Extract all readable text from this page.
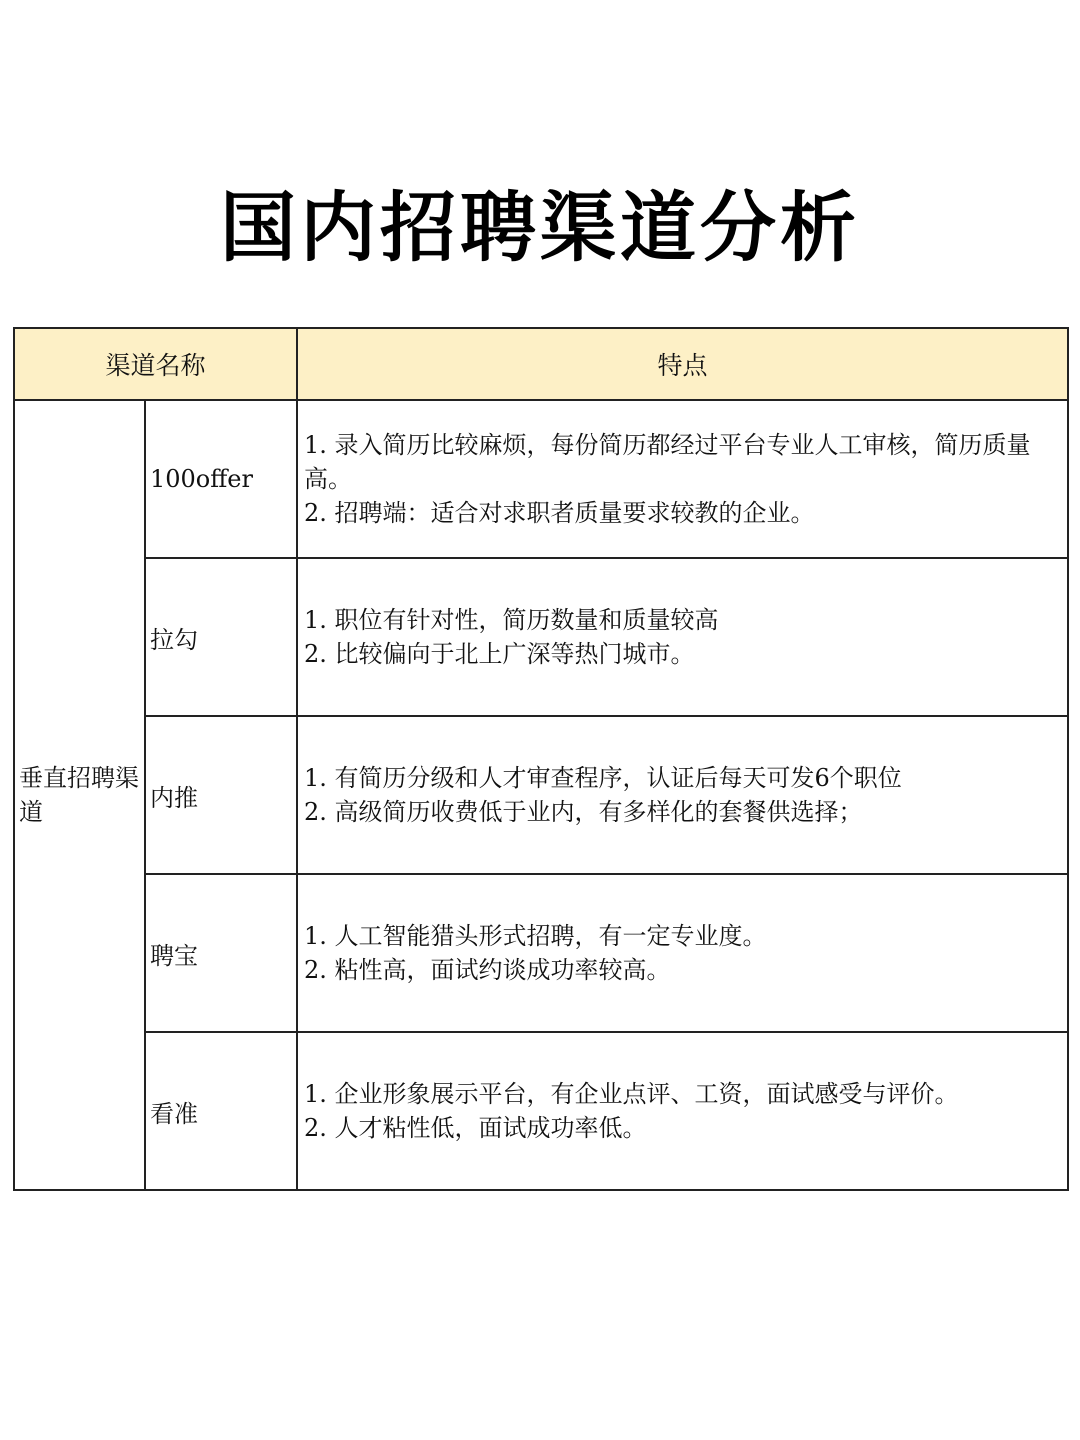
国内招聘渠道分析
渠道名称		特点
垂直招聘渠道	100offer	1. 录入简历比较麻烦，每份简历都经过平台专业人工审核，简历质量高。
2. 招聘端：适合对求职者质量要求较教的企业。

	拉勾	1. 职位有针对性，简历数量和质量较高
2. 比较偏向于北上广深等热门城市。

	内推	1. 有简历分级和人才审查程序，认证后每天可发6个职位
2. 高级简历收费低于业内，有多样化的套餐供选择；

	聘宝	1. 人工智能猎头形式招聘，有一定专业度。
2. 粘性高，面试约谈成功率较高。

	看准	1. 企业形象展示平台，有企业点评、工资，面试感受与评价。
2. 人才粘性低，面试成功率低。
